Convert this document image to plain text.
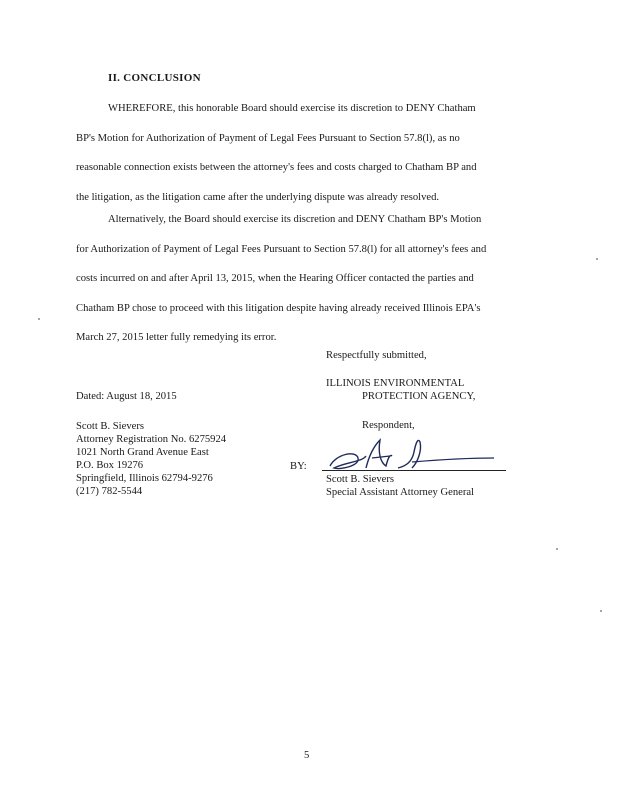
II. CONCLUSION

WHEREFORE, this honorable Board should exercise its discretion to DENY Chatham
BP's Motion for Authorization of Payment of Legal Fees Pursuant to Section 57.8(l), as no
reasonable connection exists between the attorney's fees and costs charged to Chatham BP and
the litigation, as the litigation came after the underlying dispute was already resolved.

Alternatively, the Board should exercise its discretion and DENY Chatham BP's Motion
for Authorization of Payment of Legal Fees Pursuant to Section 57.8(l) for all attorney's fees and
costs incurred on and after April 13, 2015, when the Hearing Officer contacted the parties and
Chatham BP chose to proceed with this litigation despite having already received Illinois EPA's
March 27, 2015 letter fully remedying its error.

Respectfully submitted,
ILLINOIS ENVIRONMENTAL
PROTECTION AGENCY,
Dated: August 18, 2015
Respondent,
Scott B. Sievers
Attorney Registration No. 6275924
1021 North Grand Avenue East
P.O. Box 19276
Springfield, Illinois 62794-9276
(217) 782-5544
BY:
Scott B. Sievers
Special Assistant Attorney General
5
